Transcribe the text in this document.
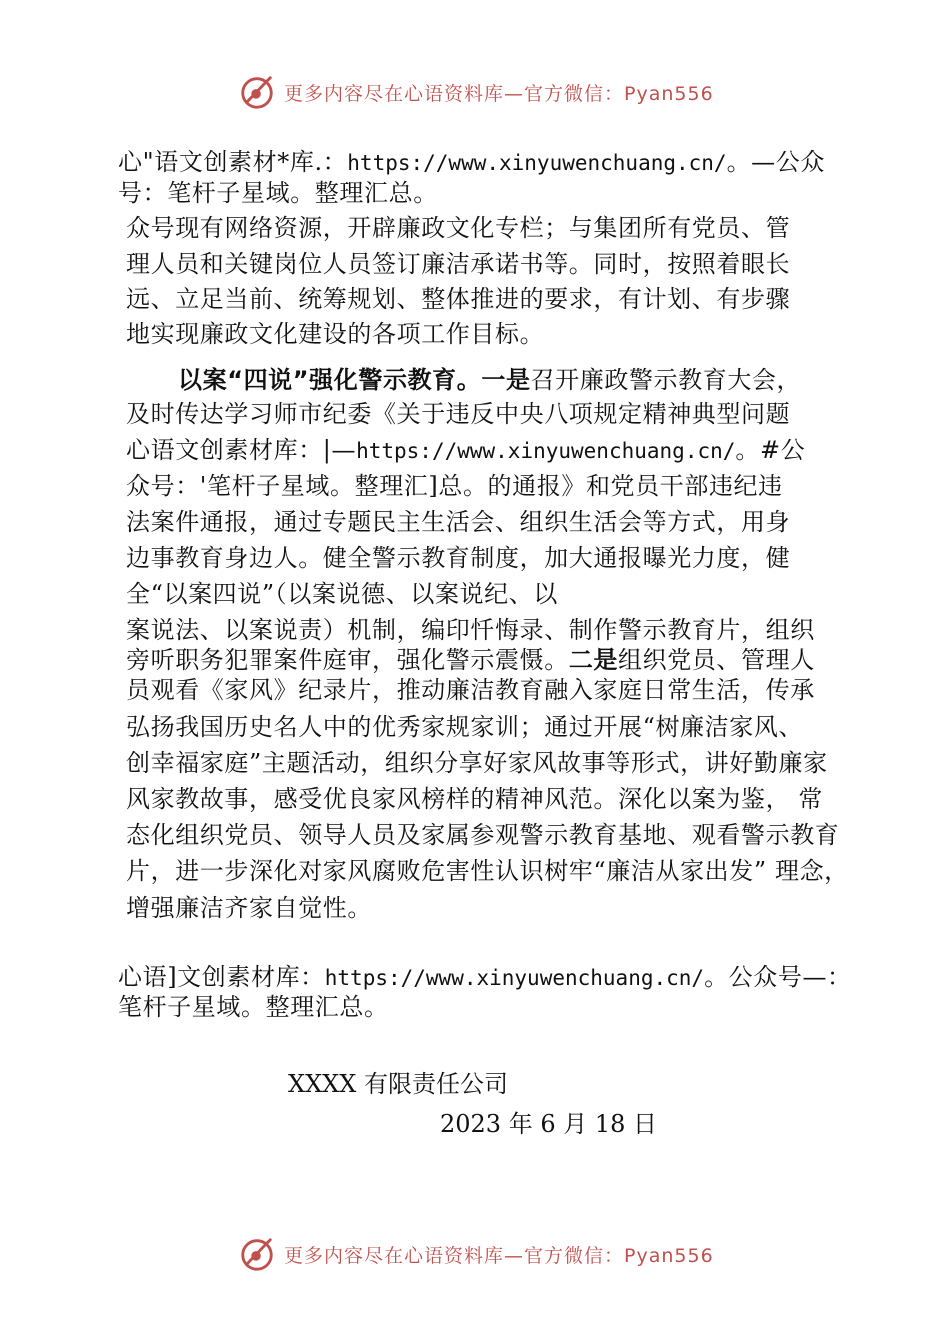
更多内容尽在心语资料库—官方微信：Pyan556
心"语文创素材*库.：https://www.xinyuwenchuang.cn/。—公众
号：笔杆子星域。整理汇总。
众号现有网络资源，开辟廉政文化专栏；与集团所有党员、管
理人员和关键岗位人员签订廉洁承诺书等。同时，按照着眼长
远、立足当前、统筹规划、整体推进的要求，有计划、有步骤
地实现廉政文化建设的各项工作目标。
以案“四说”强化警示教育。一是召开廉政警示教育大会，
及时传达学习师市纪委《关于违反中央八项规定精神典型问题
心语文创素材库：|—https://www.xinyuwenchuang.cn/。#公
众号：'笔杆子星域。整理汇]总。的通报》和党员干部违纪违
法案件通报，通过专题民主生活会、组织生活会等方式，用身
边事教育身边人。健全警示教育制度，加大通报曝光力度，健
全“以案四说”（以案说德、以案说纪、以
案说法、以案说责）机制，编印忏悔录、制作警示教育片，组织
旁听职务犯罪案件庭审，强化警示震慑。二是组织党员、管理人
员观看《家风》纪录片，推动廉洁教育融入家庭日常生活，传承
弘扬我国历史名人中的优秀家规家训；通过开展“树廉洁家风、
创幸福家庭”主题活动，组织分享好家风故事等形式，讲好勤廉家
风家教故事，感受优良家风榜样的精神风范。深化以案为鉴， 常
态化组织党员、领导人员及家属参观警示教育基地、观看警示教育
片，进一步深化对家风腐败危害性认识树牢“廉洁从家出发” 理念，
增强廉洁齐家自觉性。
心语]文创素材库：https://www.xinyuwenchuang.cn/。公众号—：
笔杆子星域。整理汇总。
XXXX 有限责任公司
2023 年 6 月 18 日
更多内容尽在心语资料库—官方微信：Pyan556
